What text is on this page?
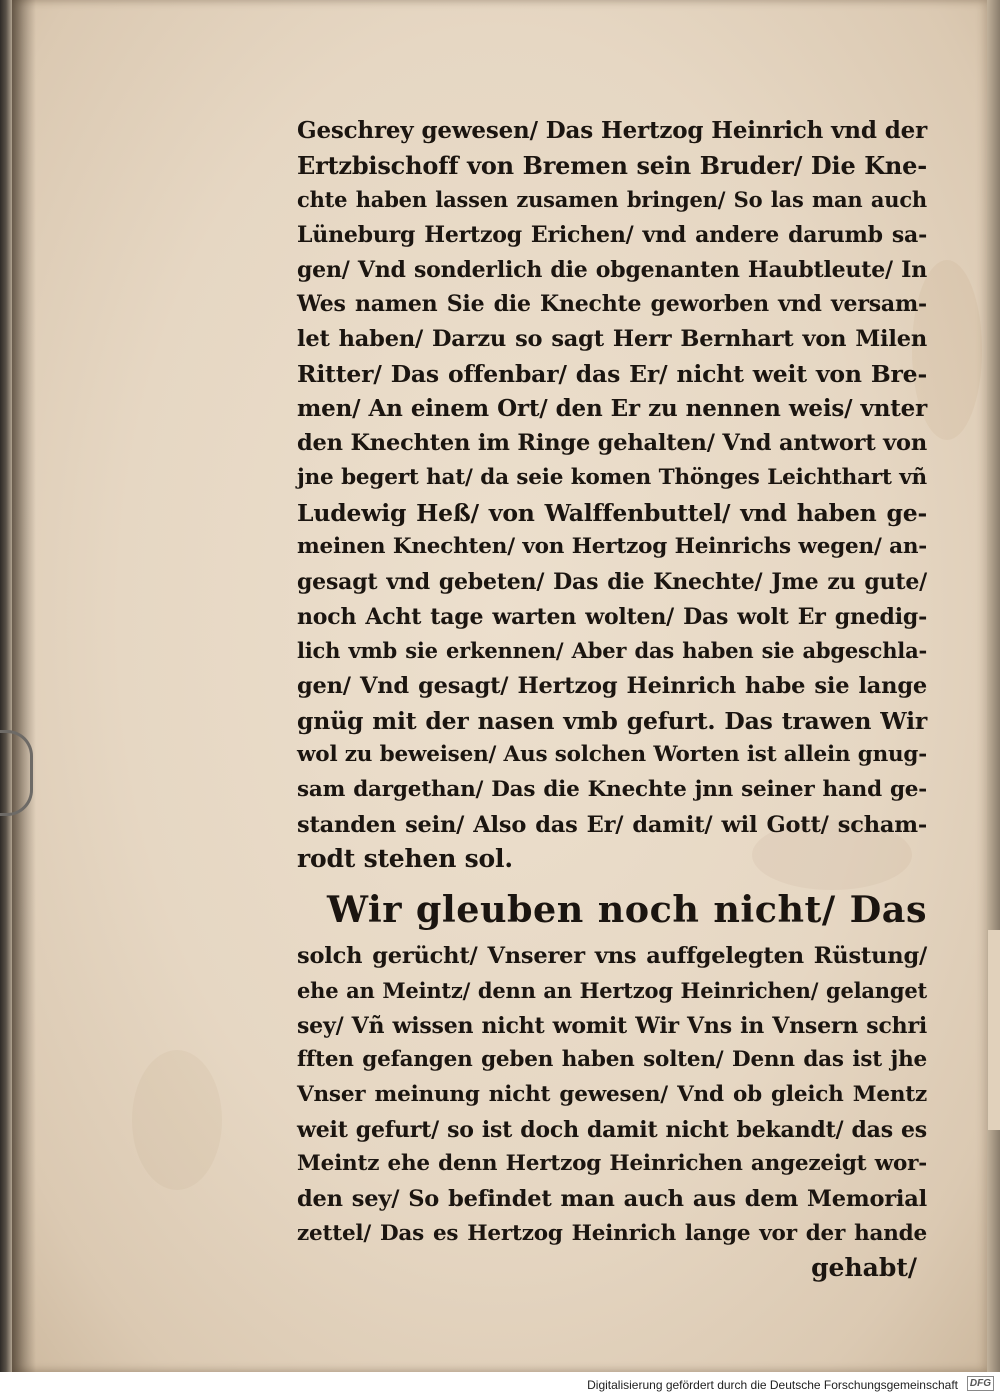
Geschrey gewesen/ Das Hertzog Heinrich vnd der
Ertzbischoff von Bremen sein Bruder/ Die Kne-
chte haben lassen zusamen bringen/ So las man auch
Lüneburg Hertzog Erichen/ vnd andere darumb sa-
gen/ Vnd sonderlich die obgenanten Haubtleute/ In
Wes namen Sie die Knechte geworben vnd versam-
let haben/ Darzu so sagt Herr Bernhart von Milen
Ritter/ Das offenbar/ das Er/ nicht weit von Bre-
men/ An einem Ort/ den Er zu nennen weis/ vnter
den Knechten im Ringe gehalten/ Vnd antwort von
jne begert hat/ da seie komen Thönges Leichthart vñ
Ludewig Heß/ von Walffenbuttel/ vnd haben ge-
meinen Knechten/ von Hertzog Heinrichs wegen/ an-
gesagt vnd gebeten/ Das die Knechte/ Jme zu gute/
noch Acht tage warten wolten/ Das wolt Er gnedig-
lich vmb sie erkennen/ Aber das haben sie abgeschla-
gen/ Vnd gesagt/ Hertzog Heinrich habe sie lange
gnüg mit der nasen vmb gefurt. Das trawen Wir
wol zu beweisen/ Aus solchen Worten ist allein gnug-
sam dargethan/ Das die Knechte jnn seiner hand ge-
standen sein/ Also das Er/ damit/ wil Gott/ scham-
rodt stehen sol.
Wir gleuben noch nicht/ Das
solch gerücht/ Vnserer vns auffgelegten Rüstung/
ehe an Meintz/ denn an Hertzog Heinrichen/ gelanget
sey/ Vñ wissen nicht womit Wir Vns in Vnsern schri
fften gefangen geben haben solten/ Denn das ist jhe
Vnser meinung nicht gewesen/ Vnd ob gleich Mentz
weit gefurt/ so ist doch damit nicht bekandt/ das es
Meintz ehe denn Hertzog Heinrichen angezeigt wor-
den sey/ So befindet man auch aus dem Memorial
zettel/ Das es Hertzog Heinrich lange vor der hande
gehabt/
Digitalisierung gefördert durch die Deutsche Forschungsgemeinschaft	DFG
